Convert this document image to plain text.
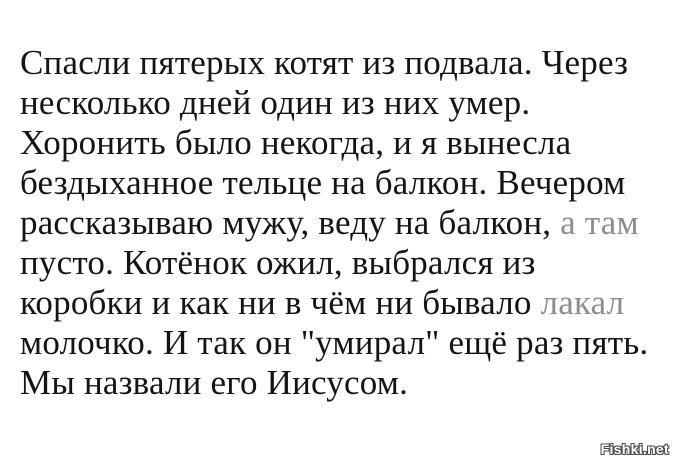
Спасли пятерых котят из подвала. Через
несколько дней один из них умер.
Хоронить было некогда, и я вынесла
бездыханное тельце на балкон. Вечером
рассказываю мужу, веду на балкон, а там
пусто. Котёнок ожил, выбрался из
коробки и как ни в чём ни бывало лакал
молочко. И так он "умирал" ещё раз пять.
Мы назвали его Иисусом.
Fishki.net
